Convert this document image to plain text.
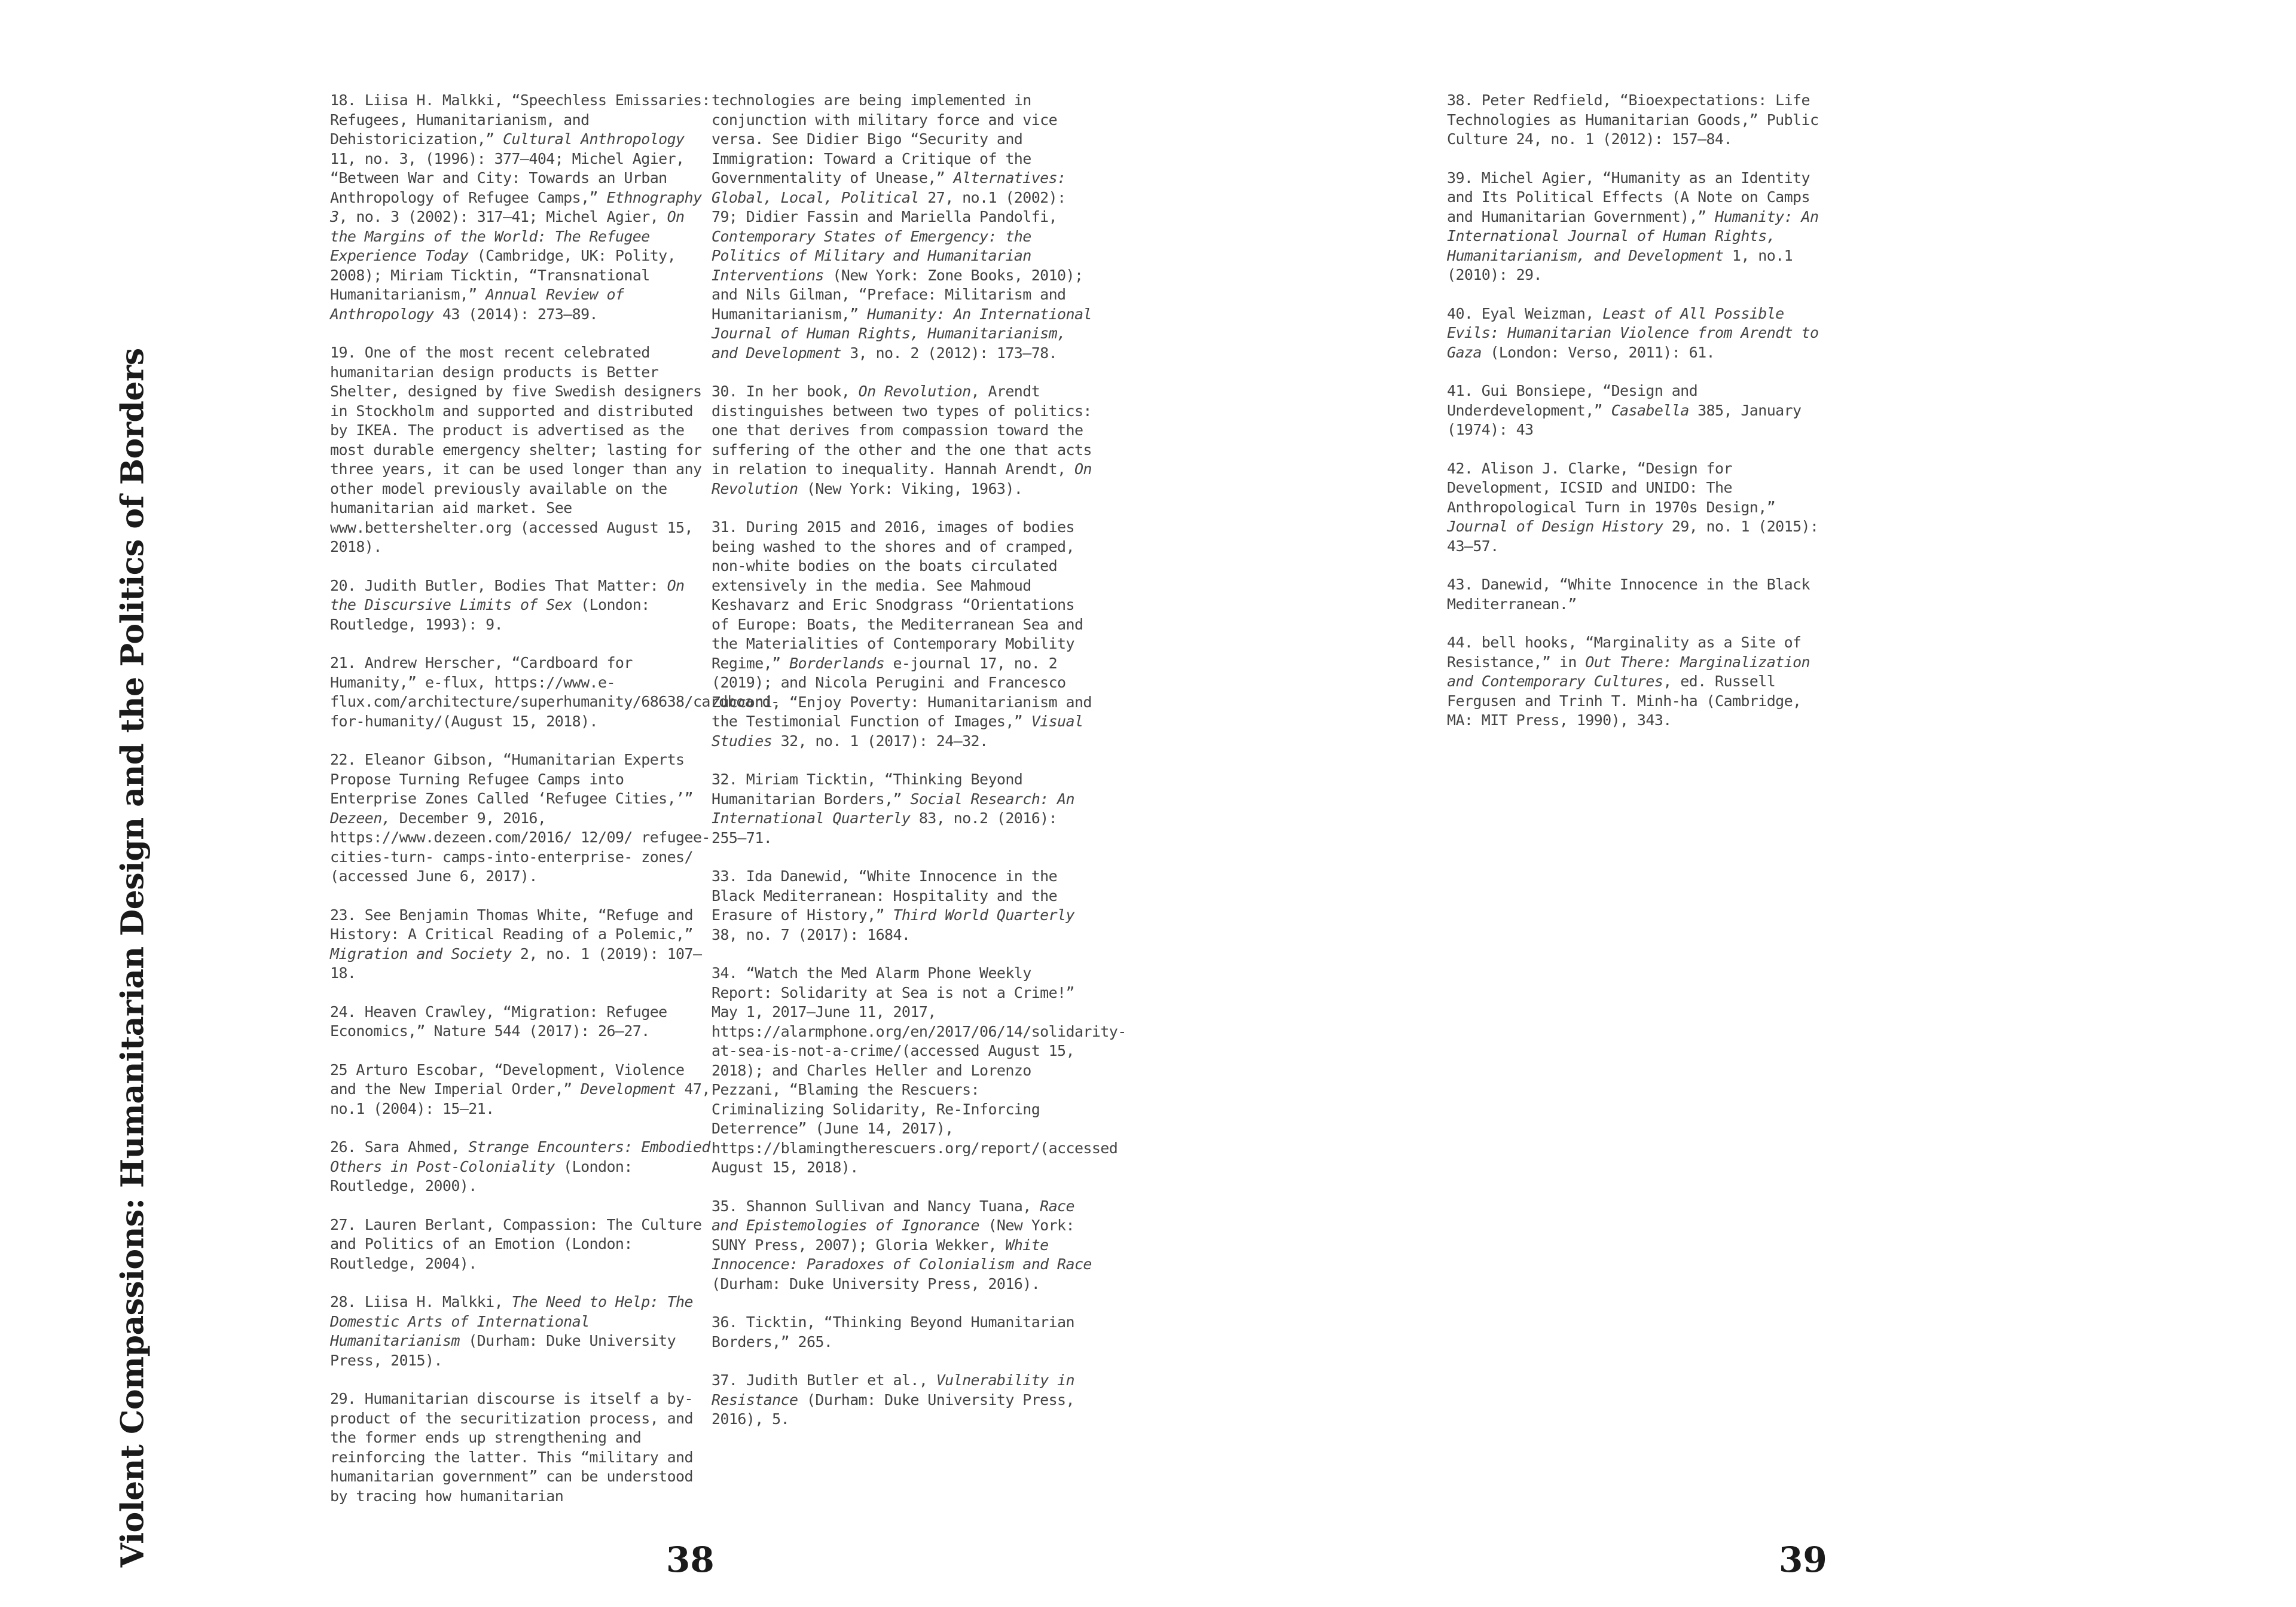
Violent Compassions: Humanitarian Design and the Politics of Borders

18. Liisa H. Malkki, “Speechless Emissaries: Refugees, Humanitarianism, and Dehistoricization,” Cultural Anthropology 11, no. 3, (1996): 377–404; Michel Agier, “Between War and City: Towards an Urban Anthropology of Refugee Camps,” Ethnography 3, no. 3 (2002): 317–41; Michel Agier, On the Margins of the World: The Refugee Experience Today (Cambridge, UK: Polity, 2008); Miriam Ticktin, “Transnational Humanitarianism,” Annual Review of Anthropology 43 (2014): 273–89.

19. One of the most recent celebrated humanitarian design products is Better Shelter, designed by five Swedish designers in Stockholm and supported and distributed by IKEA. The product is advertised as the most durable emergency shelter; lasting for three years, it can be used longer than any other model previously available on the humanitarian aid market. See www.bettershelter.org (accessed August 15, 2018).

20. Judith Butler, Bodies That Matter: On the Discursive Limits of Sex (London: Routledge, 1993): 9.

21. Andrew Herscher, “Cardboard for Humanity,” e-flux, https://www.e-flux.com/architecture/superhumanity/68638/cardboard-for-humanity/(August 15, 2018).

22. Eleanor Gibson, “Humanitarian Experts Propose Turning Refugee Camps into Enterprise Zones Called ‘Refugee Cities,’” Dezeen, December 9, 2016, https://www.dezeen.com/2016/ 12/09/ refugee-cities-turn- camps-into-enterprise- zones/ (accessed June 6, 2017).

23. See Benjamin Thomas White, “Refuge and History: A Critical Reading of a Polemic,” Migration and Society 2, no. 1 (2019): 107–18.

24. Heaven Crawley, “Migration: Refugee Economics,” Nature 544 (2017): 26–27.

25 Arturo Escobar, “Development, Violence and the New Imperial Order,” Development 47, no.1 (2004): 15–21.

26. Sara Ahmed, Strange Encounters: Embodied Others in Post-Coloniality (London: Routledge, 2000).

27. Lauren Berlant, Compassion: The Culture and Politics of an Emotion (London: Routledge, 2004).

28. Liisa H. Malkki, The Need to Help: The Domestic Arts of International Humanitarianism (Durham: Duke University Press, 2015).

29. Humanitarian discourse is itself a by-product of the securitization process, and the former ends up strengthening and reinforcing the latter. This “military and humanitarian government” can be understood by tracing how humanitarian

technologies are being implemented in conjunction with military force and vice versa. See Didier Bigo “Security and Immigration: Toward a Critique of the Governmentality of Unease,” Alternatives: Global, Local, Political 27, no.1 (2002): 79; Didier Fassin and Mariella Pandolfi, Contemporary States of Emergency: the Politics of Military and Humanitarian Interventions (New York: Zone Books, 2010); and Nils Gilman, “Preface: Militarism and Humanitarianism,” Humanity: An International Journal of Human Rights, Humanitarianism, and Development 3, no. 2 (2012): 173–78.

30. In her book, On Revolution, Arendt distinguishes between two types of politics: one that derives from compassion toward the suffering of the other and the one that acts in relation to inequality. Hannah Arendt, On Revolution (New York: Viking, 1963).

31. During 2015 and 2016, images of bodies being washed to the shores and of cramped, non-white bodies on the boats circulated extensively in the media. See Mahmoud Keshavarz and Eric Snodgrass “Orientations of Europe: Boats, the Mediterranean Sea and the Materialities of Contemporary Mobility Regime,” Borderlands e-journal 17, no. 2 (2019); and Nicola Perugini and Francesco Zucconi, “Enjoy Poverty: Humanitarianism and the Testimonial Function of Images,” Visual Studies 32, no. 1 (2017): 24–32.

32. Miriam Ticktin, “Thinking Beyond Humanitarian Borders,” Social Research: An International Quarterly 83, no.2 (2016): 255–71.

33. Ida Danewid, “White Innocence in the Black Mediterranean: Hospitality and the Erasure of History,” Third World Quarterly 38, no. 7 (2017): 1684.

34. “Watch the Med Alarm Phone Weekly Report: Solidarity at Sea is not a Crime!” May 1, 2017–June 11, 2017, https://alarmphone.org/en/2017/06/14/solidarity-at-sea-is-not-a-crime/(accessed August 15, 2018); and Charles Heller and Lorenzo Pezzani, “Blaming the Rescuers: Criminalizing Solidarity, Re-Inforcing Deterrence” (June 14, 2017), https://blamingtherescuers.org/report/(accessed August 15, 2018).

35. Shannon Sullivan and Nancy Tuana, Race and Epistemologies of Ignorance (New York: SUNY Press, 2007); Gloria Wekker, White Innocence: Paradoxes of Colonialism and Race (Durham: Duke University Press, 2016).

36. Ticktin, “Thinking Beyond Humanitarian Borders,” 265.

37. Judith Butler et al., Vulnerability in Resistance (Durham: Duke University Press, 2016), 5.

38. Peter Redfield, “Bioexpectations: Life Technologies as Humanitarian Goods,” Public Culture 24, no. 1 (2012): 157–84.

39. Michel Agier, “Humanity as an Identity and Its Political Effects (A Note on Camps and Humanitarian Government),” Humanity: An International Journal of Human Rights, Humanitarianism, and Development 1, no.1 (2010): 29.

40. Eyal Weizman, Least of All Possible Evils: Humanitarian Violence from Arendt to Gaza (London: Verso, 2011): 61.

41. Gui Bonsiepe, “Design and Underdevelopment,” Casabella 385, January (1974): 43

42. Alison J. Clarke, “Design for Development, ICSID and UNIDO: The Anthropological Turn in 1970s Design,” Journal of Design History 29, no. 1 (2015): 43–57.

43. Danewid, “White Innocence in the Black Mediterranean.”

44. bell hooks, “Marginality as a Site of Resistance,” in Out There: Marginalization and Contemporary Cultures, ed. Russell Fergusen and Trinh T. Minh-ha (Cambridge, MA: MIT Press, 1990), 343.

38	39
